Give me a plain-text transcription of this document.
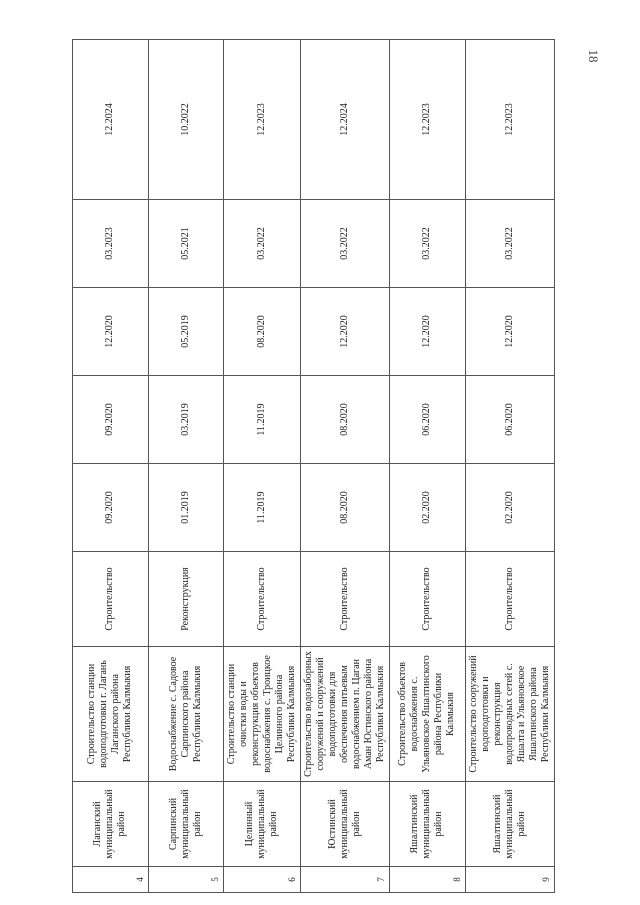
18
4	Лаганский муниципальный район	Строительство станции водоподготовки г. Лагань Лаганского района Республики Калмыкия	Строительство	09.2020	09.2020	12.2020	03.2023	12.2024
5	Сарпинский муниципальный район	Водоснабжение с. Садовое Сарпинского района Республики Калмыкия	Реконструкция	01.2019	03.2019	05.2019	05.2021	10.2022
6	Целинный муниципальный район	Строительство станции очистки воды и реконструкция объектов водоснабжения с. Троицкое Целинного района Республики Калмыкия	Строительство	11.2019	11.2019	08.2020	03.2022	12.2023
7	Юстинский муниципальный район	Строительство водозаборных сооружений и сооружений водоподготовки для обеспечения питьевым водоснабжением п. Цаган Аман Юстинского района Республики Калмыкия	Строительство	08.2020	08.2020	12.2020	03.2022	12.2024
8	Яшалтинский муниципальный район	Строительство объектов водоснабжения с. Ульяновское Яшалтинского района Республики Калмыкия	Строительство	02.2020	06.2020	12.2020	03.2022	12.2023
9	Яшалтинский муниципальный район	Строительство сооружений водоподготовки и реконструкция водопроводных сетей с. Яшалта и Ульяновское Яшалтинского района Республики Калмыкия	Строительство	02.2020	06.2020	12.2020	03.2022	12.2023
